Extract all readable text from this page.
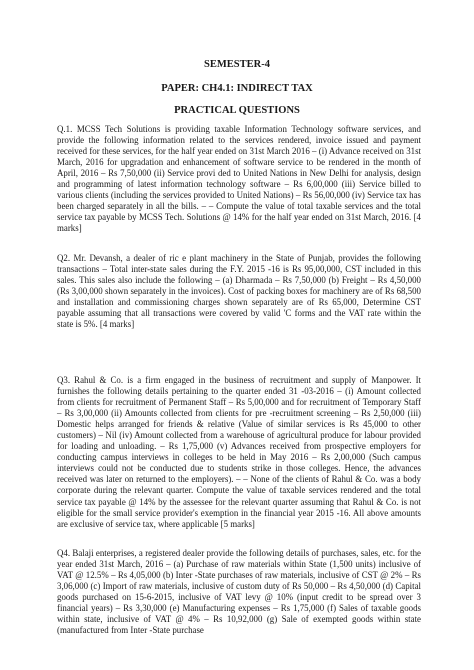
SEMESTER-4

PAPER: CH4.1: INDIRECT TAX

PRACTICAL QUESTIONS

Q.1. MCSS Tech Solutions is providing taxable Information Technology software services, and provide the following information related to the services rendered, invoice issued and payment received for these services, for the half year ended on 31st March 2016 – (i) Advance received on 31st March, 2016 for upgradation and enhancement of software service to be rendered in the month of April, 2016 – Rs 7,50,000 (ii) Service provi ded to United Nations in New Delhi for analysis, design and programming of latest information technology software – Rs 6,00,000 (iii) Service billed to various clients (including the services provided to United Nations) – Rs 56,00,000 (iv) Service tax has been charged separately in all the bills. – – Compute the value of total taxable services and the total service tax payable by MCSS Tech. Solutions @ 14% for the half year ended on 31st March, 2016. [4 marks]

Q2. Mr. Devansh, a dealer of ric e plant machinery in the State of Punjab, provides the following transactions – Total inter-state sales during the F.Y. 2015 -16 is Rs 95,00,000, CST included in this sales. This sales also include the following – (a) Dharmada – Rs 7,50,000 (b) Freight – Rs 4,50,000 (Rs 3,00,000 shown separately in the invoices). Cost of packing boxes for machinery are of Rs 68,500 and installation and commissioning charges shown separately are of Rs 65,000, Determine CST payable assuming that all transactions were covered by valid 'C forms and the VAT rate within the state is 5%. [4 marks]

Q3. Rahul & Co. is a firm engaged in the business of recruitment and supply of Manpower. It furnishes the following details pertaining to the quarter ended 31 -03-2016 – (i) Amount collected from clients for recruitment of Permanent Staff – Rs 5,00,000 and for recruitment of Temporary Staff – Rs 3,00,000 (ii) Amounts collected from clients for pre -recruitment screening – Rs 2,50,000 (iii) Domestic helps arranged for friends & relative (Value of similar services is Rs 45,000 to other customers) – Nil (iv) Amount collected from a warehouse of agricultural produce for labour provided for loading and unloading. – Rs 1,75,000 (v) Advances received from prospective employers for conducting campus interviews in colleges to be held in May 2016 – Rs 2,00,000 (Such campus interviews could not be conducted due to students strike in those colleges. Hence, the advances received was later on returned to the employers). – – None of the clients of Rahul & Co. was a body corporate during the relevant quarter. Compute the value of taxable services rendered and the total service tax payable @ 14% by the assessee for the relevant quarter assuming that Rahul & Co. is not eligible for the small service provider's exemption in the financial year 2015 -16. All above amounts are exclusive of service tax, where applicable [5 marks]

Q4. Balaji enterprises, a registered dealer provide the following details of purchases, sales, etc. for the year ended 31st March, 2016 – (a) Purchase of raw materials within State (1,500 units) inclusive of VAT @ 12.5% – Rs 4,05,000 (b) Inter -State purchases of raw materials, inclusive of CST @ 2% – Rs 3,06,000 (c) Import of raw materials, inclusive of custom duty of Rs 50,000 – Rs 4,50,000 (d) Capital goods purchased on 15-6-2015, inclusive of VAT levy @ 10% (input credit to be spread over 3 financial years) – Rs 3,30,000 (e) Manufacturing expenses – Rs 1,75,000 (f) Sales of taxable goods within state, inclusive of VAT @ 4% – Rs 10,92,000 (g) Sale of exempted goods within state (manufactured from Inter -State purchase
